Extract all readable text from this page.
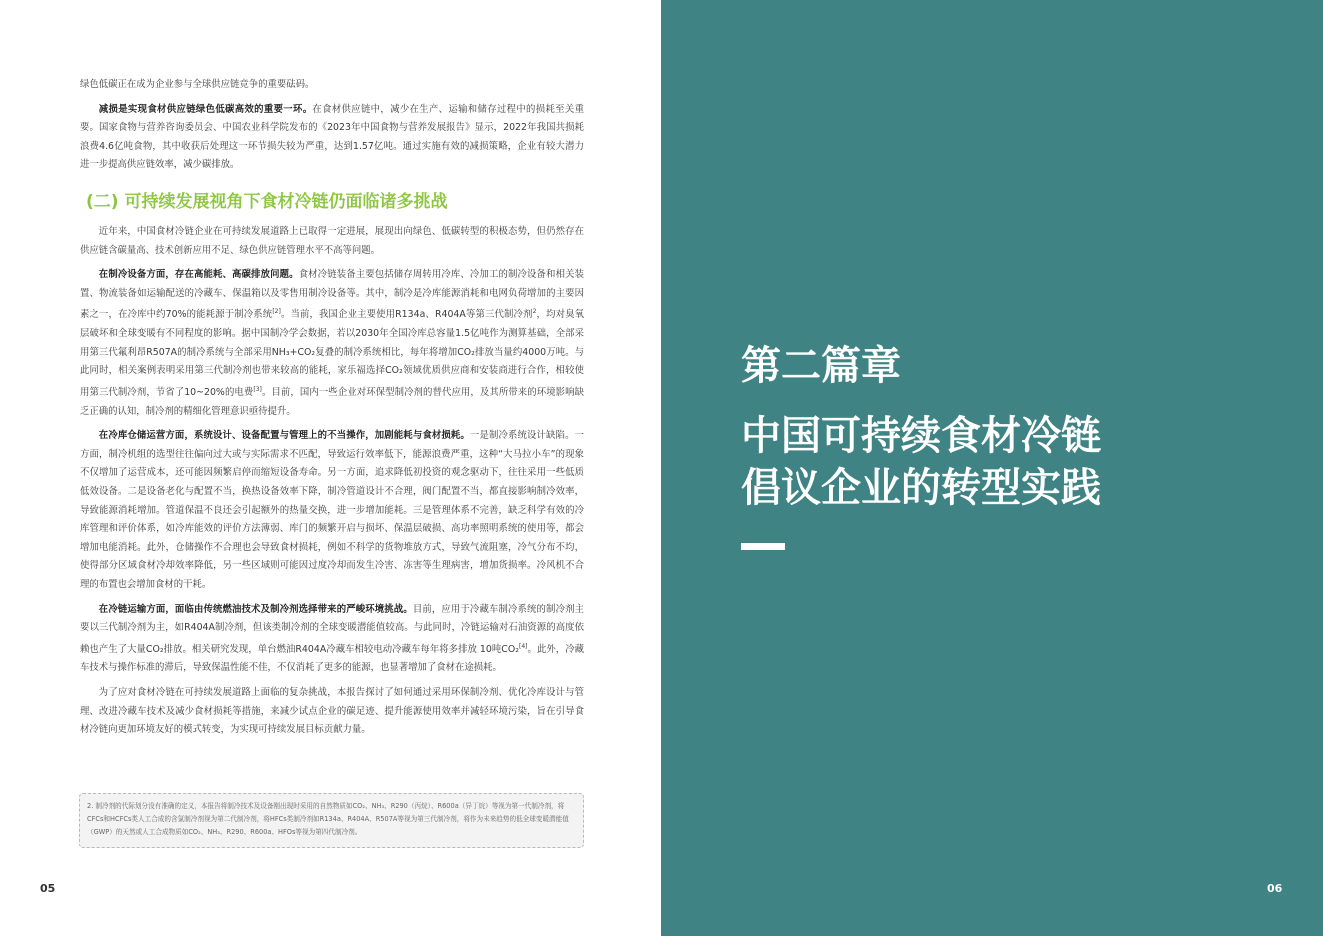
绿色低碳正在成为企业参与全球供应链竞争的重要砝码。

减损是实现食材供应链绿色低碳高效的重要一环。在食材供应链中，减少在生产、运输和储存过程中的损耗至关重要。国家食物与营养咨询委员会、中国农业科学院发布的《2023年中国食物与营养发展报告》显示，2022年我国共损耗浪费4.6亿吨食物，其中收获后处理这一环节损失较为严重，达到1.57亿吨。通过实施有效的减损策略，企业有较大潜力进一步提高供应链效率，减少碳排放。

(二) 可持续发展视角下食材冷链仍面临诸多挑战

近年来，中国食材冷链企业在可持续发展道路上已取得一定进展，展现出向绿色、低碳转型的积极态势，但仍然存在供应链含碳量高、技术创新应用不足、绿色供应链管理水平不高等问题。

在制冷设备方面，存在高能耗、高碳排放问题。食材冷链装备主要包括储存周转用冷库、冷加工的制冷设备和相关装置、物流装备如运输配送的冷藏车、保温箱以及零售用制冷设备等。其中，制冷是冷库能源消耗和电网负荷增加的主要因素之一，在冷库中约70%的能耗源于制冷系统[2]。当前，我国企业主要使用R134a、R404A等第三代制冷剂$^2$，均对臭氧层破坏和全球变暖有不同程度的影响。据中国制冷学会数据，若以2030年全国冷库总容量1.5亿吨作为测算基础，全部采用第三代氟利昂R507A的制冷系统与全部采用NH₃+CO₂复叠的制冷系统相比，每年将增加CO₂排放当量约4000万吨。与此同时，相关案例表明采用第三代制冷剂也带来较高的能耗，家乐福选择CO₂领域优质供应商和安装商进行合作，相较使用第三代制冷剂，节省了10~20%的电费[3]。目前，国内一些企业对环保型制冷剂的替代应用，及其所带来的环境影响缺乏正确的认知，制冷剂的精细化管理意识亟待提升。

在冷库仓储运营方面，系统设计、设备配置与管理上的不当操作，加剧能耗与食材损耗。一是制冷系统设计缺陷。一方面，制冷机组的选型往往偏向过大或与实际需求不匹配，导致运行效率低下，能源浪费严重，这种“大马拉小车”的现象不仅增加了运营成本，还可能因频繁启停而缩短设备寿命。另一方面，追求降低初投资的观念驱动下，往往采用一些低质低效设备。二是设备老化与配置不当，换热设备效率下降，制冷管道设计不合理，阀门配置不当，都直接影响制冷效率，导致能源消耗增加。管道保温不良还会引起额外的热量交换，进一步增加能耗。三是管理体系不完善，缺乏科学有效的冷库管理和评价体系，如冷库能效的评价方法薄弱、库门的频繁开启与损坏、保温层破损、高功率照明系统的使用等，都会增加电能消耗。此外，仓储操作不合理也会导致食材损耗，例如不科学的货物堆放方式，导致气流阻塞，冷气分布不均，使得部分区域食材冷却效率降低，另一些区域则可能因过度冷却而发生冷害、冻害等生理病害，增加货损率。冷风机不合理的布置也会增加食材的干耗。

在冷链运输方面，面临由传统燃油技术及制冷剂选择带来的严峻环境挑战。目前，应用于冷藏车制冷系统的制冷剂主要以三代制冷剂为主，如R404A制冷剂，但该类制冷剂的全球变暖潜能值较高。与此同时，冷链运输对石油资源的高度依赖也产生了大量CO₂排放。相关研究发现，单台燃油R404A冷藏车相较电动冷藏车每年将多排放 10吨CO₂[4]。此外，冷藏车技术与操作标准的滞后，导致保温性能不佳，不仅消耗了更多的能源，也显著增加了食材在途损耗。

为了应对食材冷链在可持续发展道路上面临的复杂挑战，本报告探讨了如何通过采用环保制冷剂、优化冷库设计与管理、改进冷藏车技术及减少食材损耗等措施，来减少试点企业的碳足迹、提升能源使用效率并减轻环境污染，旨在引导食材冷链向更加环境友好的模式转变，为实现可持续发展目标贡献力量。

2. 制冷剂的代际划分没有准确的定义，本报告将制冷技术及设备刚出现时采用的自然物质如CO₂、NH₃、R290（丙烷）、R600a（异丁烷）等视为第一代制冷剂，将CFCs和HCFCs类人工合成的含氯制冷剂视为第二代制冷剂，将HFCs类制冷剂如R134a、R404A、R507A等视为第三代制冷剂，将作为未来趋势的低全球变暖潜能值（GWP）的天然或人工合成物质如CO₂、NH₃、R290、R600a、HFOs等视为第四代制冷剂。
05
第二篇章
中国可持续食材冷链
倡议企业的转型实践
06
